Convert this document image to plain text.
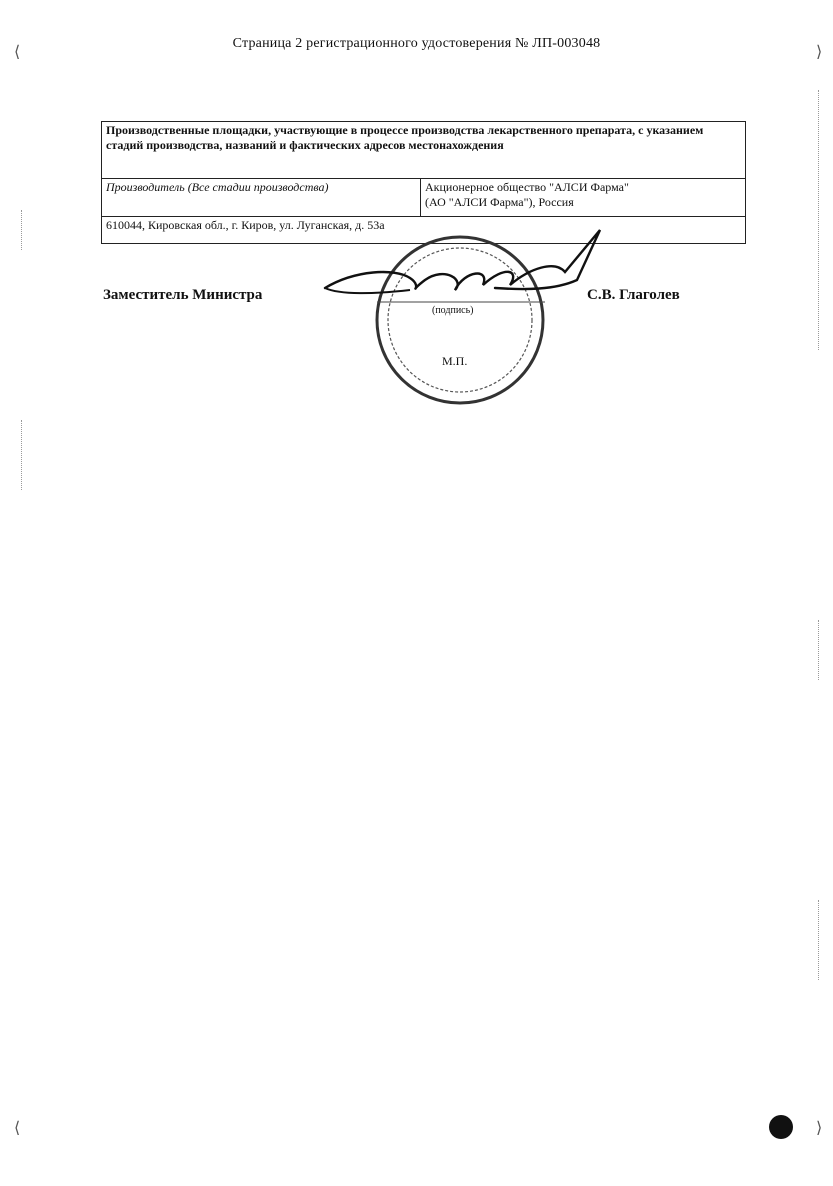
Страница 2 регистрационного удостоверения № ЛП-003048
Производственные площадки, участвующие в процессе производства лекарственного препарата, с указанием стадий производства, названий и фактических адресов местонахождения
Производитель (Все стадии производства)	Акционерное общество "АЛСИ Фарма"
(АО "АЛСИ Фарма"), Россия

610044, Кировская обл., г. Киров, ул. Луганская, д. 53а
Заместитель Министра	С.В. Глаголев
(подпись)
М.П.
⟨	⟩
⟨	⟩
